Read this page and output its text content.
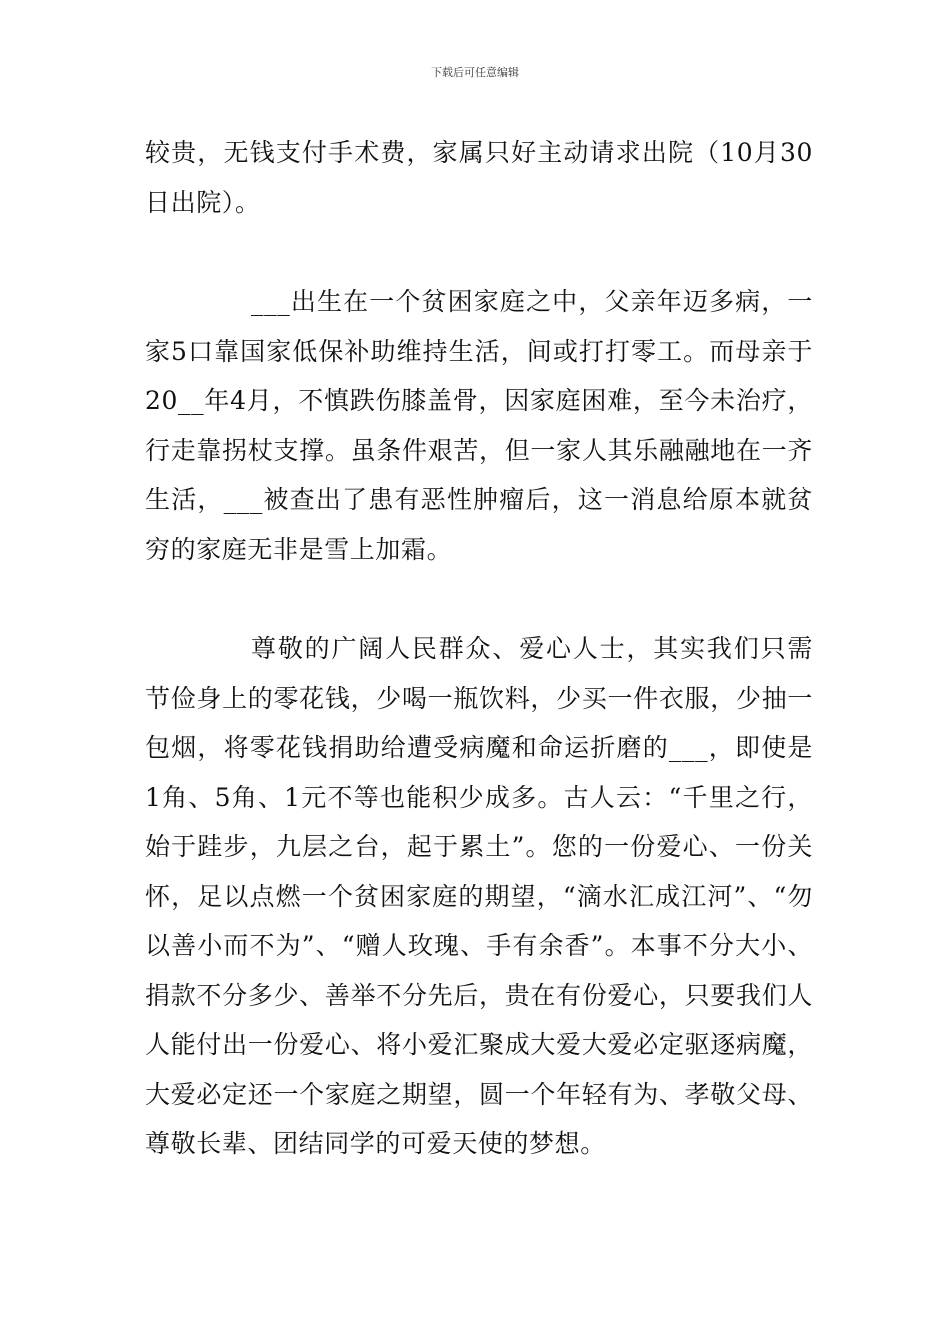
下载后可任意编辑

较贵，无钱支付手术费，家属只好主动请求出院（10月30日出院）。

___出生在一个贫困家庭之中，父亲年迈多病，一家5口靠国家低保补助维持生活，间或打打零工。而母亲于20__年4月，不慎跌伤膝盖骨，因家庭困难，至今未治疗，行走靠拐杖支撑。虽条件艰苦，但一家人其乐融融地在一齐生活，___被查出了患有恶性肿瘤后，这一消息给原本就贫穷的家庭无非是雪上加霜。

尊敬的广阔人民群众、爱心人士，其实我们只需节俭身上的零花钱，少喝一瓶饮料，少买一件衣服，少抽一包烟，将零花钱捐助给遭受病魔和命运折磨的___，即使是1角、5角、1元不等也能积少成多。古人云：“千里之行，始于跬步，九层之台，起于累土”。您的一份爱心、一份关怀，足以点燃一个贫困家庭的期望，“滴水汇成江河”、“勿以善小而不为”、“赠人玫瑰、手有余香”。本事不分大小、捐款不分多少、善举不分先后，贵在有份爱心，只要我们人人能付出一份爱心、将小爱汇聚成大爱大爱必定驱逐病魔，大爱必定还一个家庭之期望，圆一个年轻有为、孝敬父母、尊敬长辈、团结同学的可爱天使的梦想。
